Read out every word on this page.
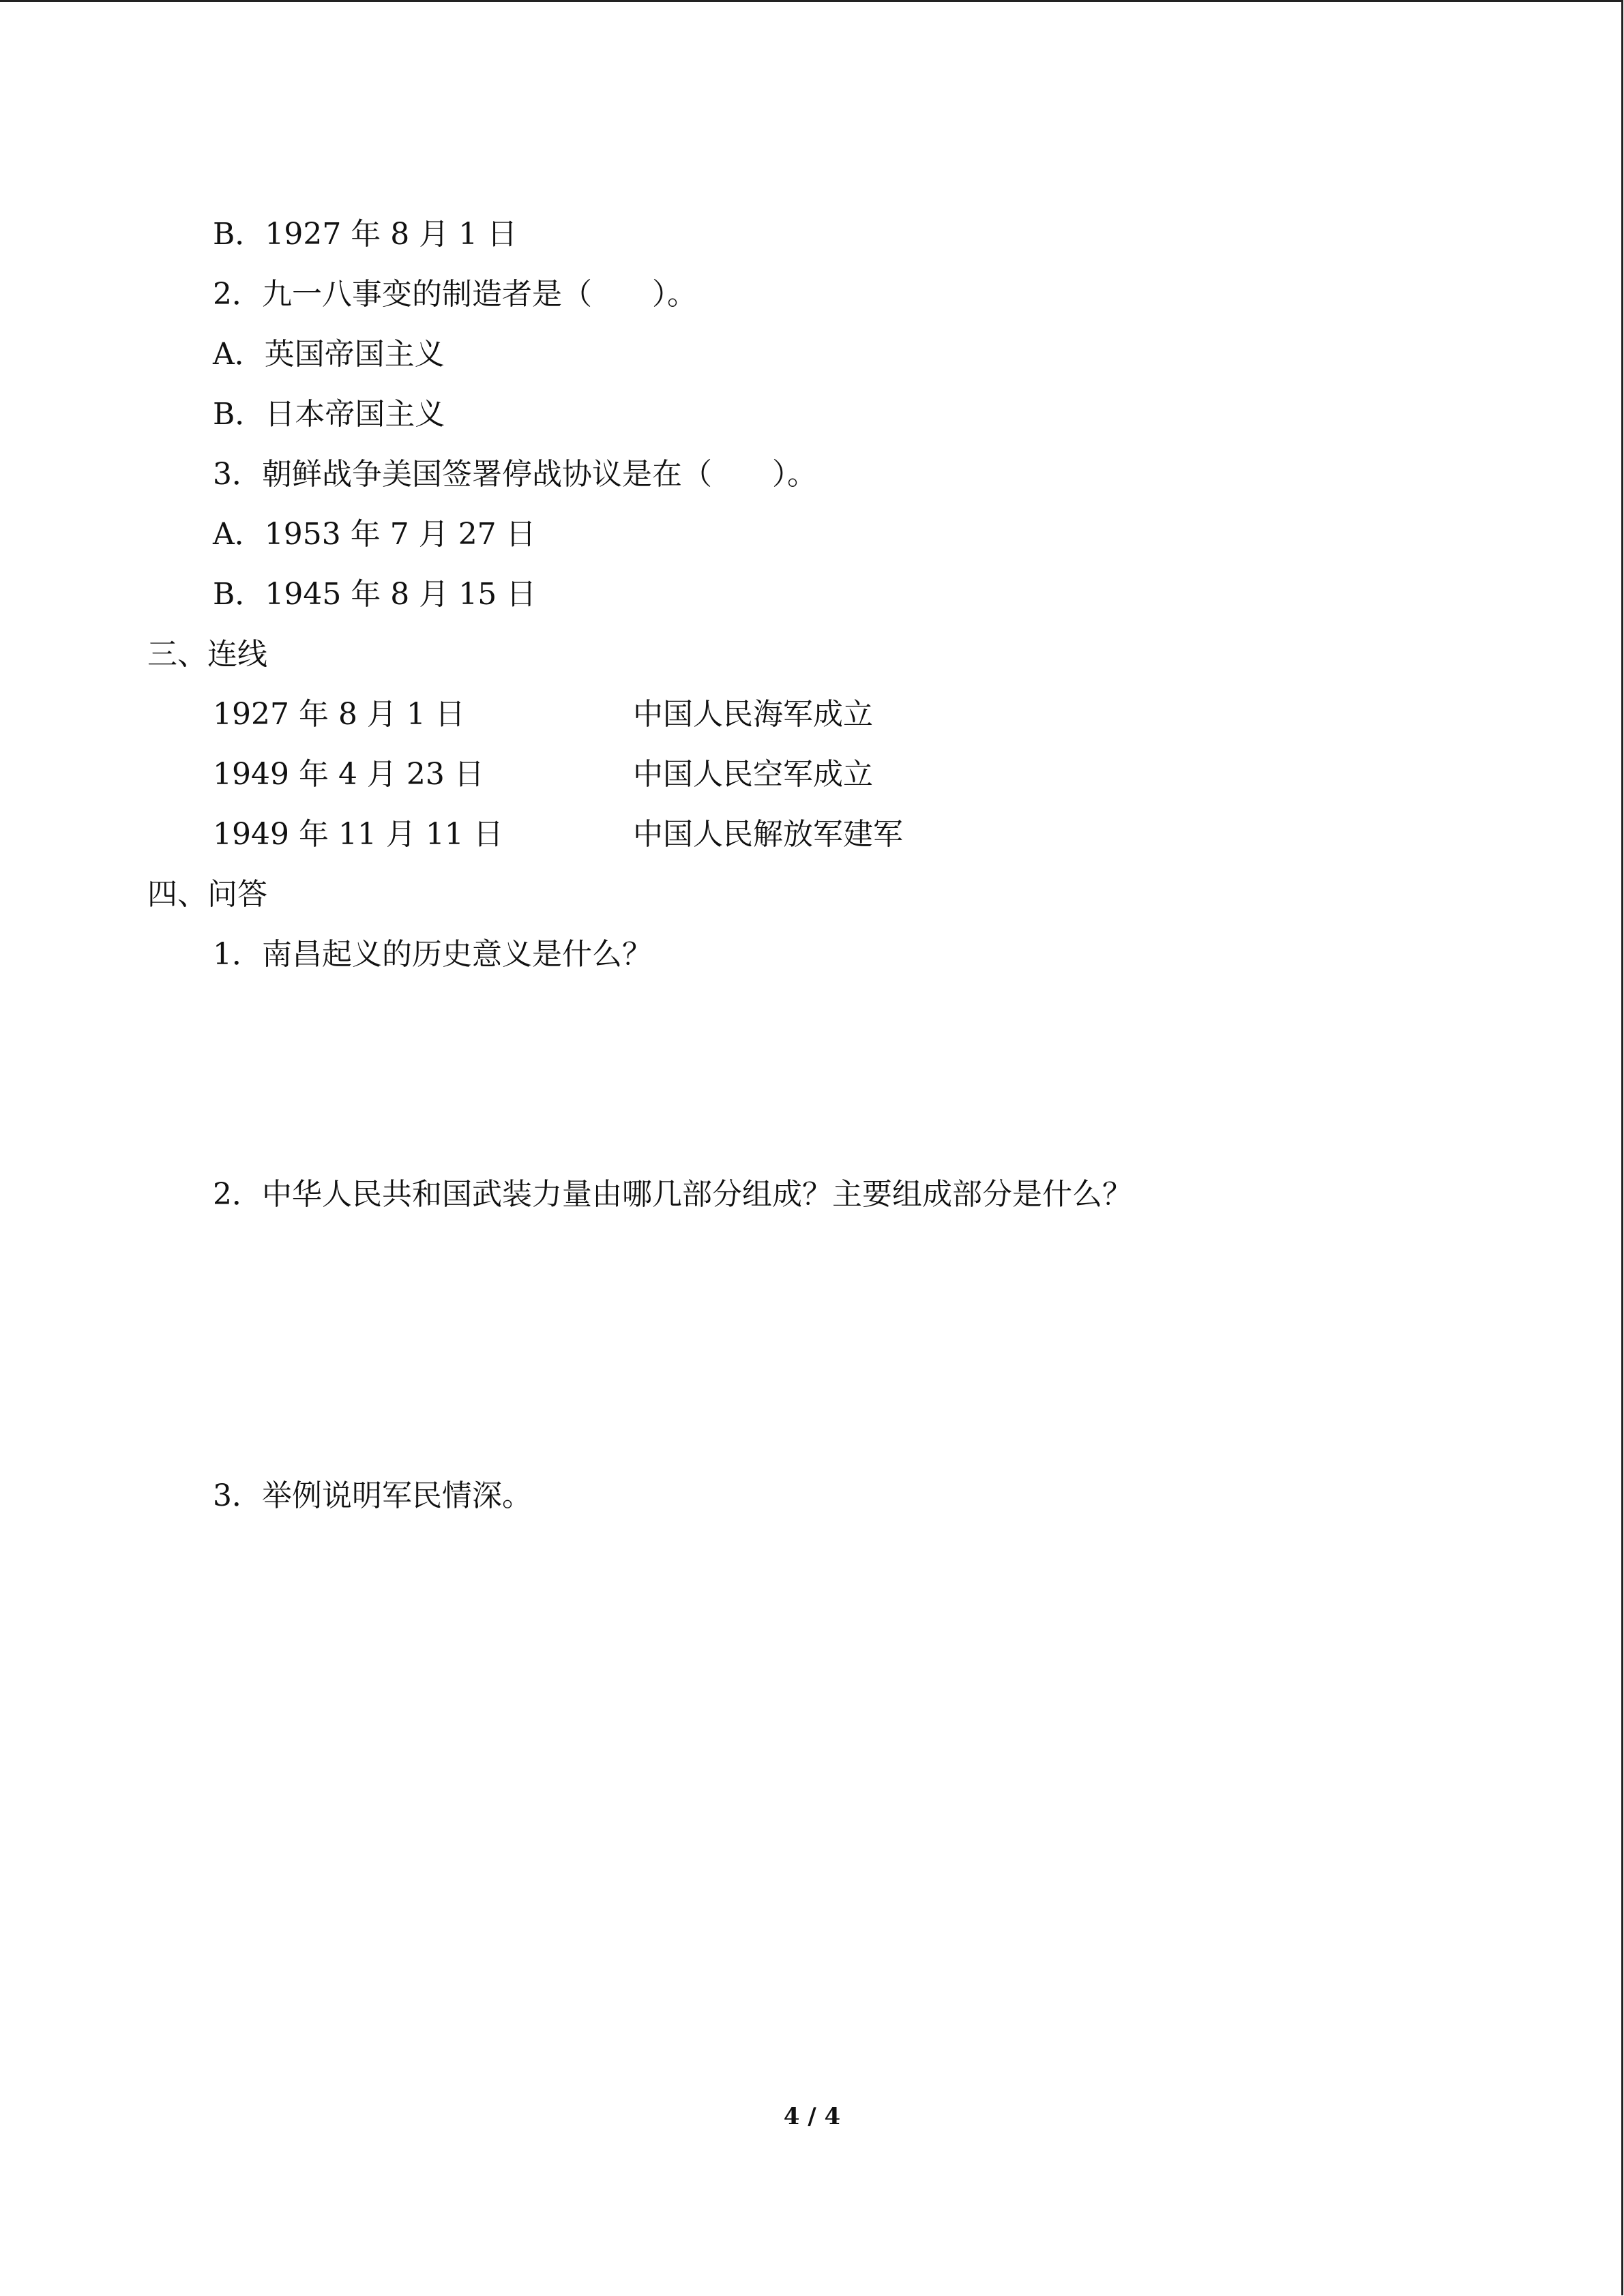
B．1927 年 8 月 1 日
2．九一八事变的制造者是（　　）。
A．英国帝国主义
B．日本帝国主义
3．朝鲜战争美国签署停战协议是在（　　）。
A．1953 年 7 月 27 日
B．1945 年 8 月 15 日
三、连线
1927 年 8 月 1 日	中国人民海军成立
1949 年 4 月 23 日	中国人民空军成立
1949 年 11 月 11 日	中国人民解放军建军
四、问答
1．南昌起义的历史意义是什么？
2．中华人民共和国武装力量由哪几部分组成？主要组成部分是什么？
3．举例说明军民情深。
4 / 4
